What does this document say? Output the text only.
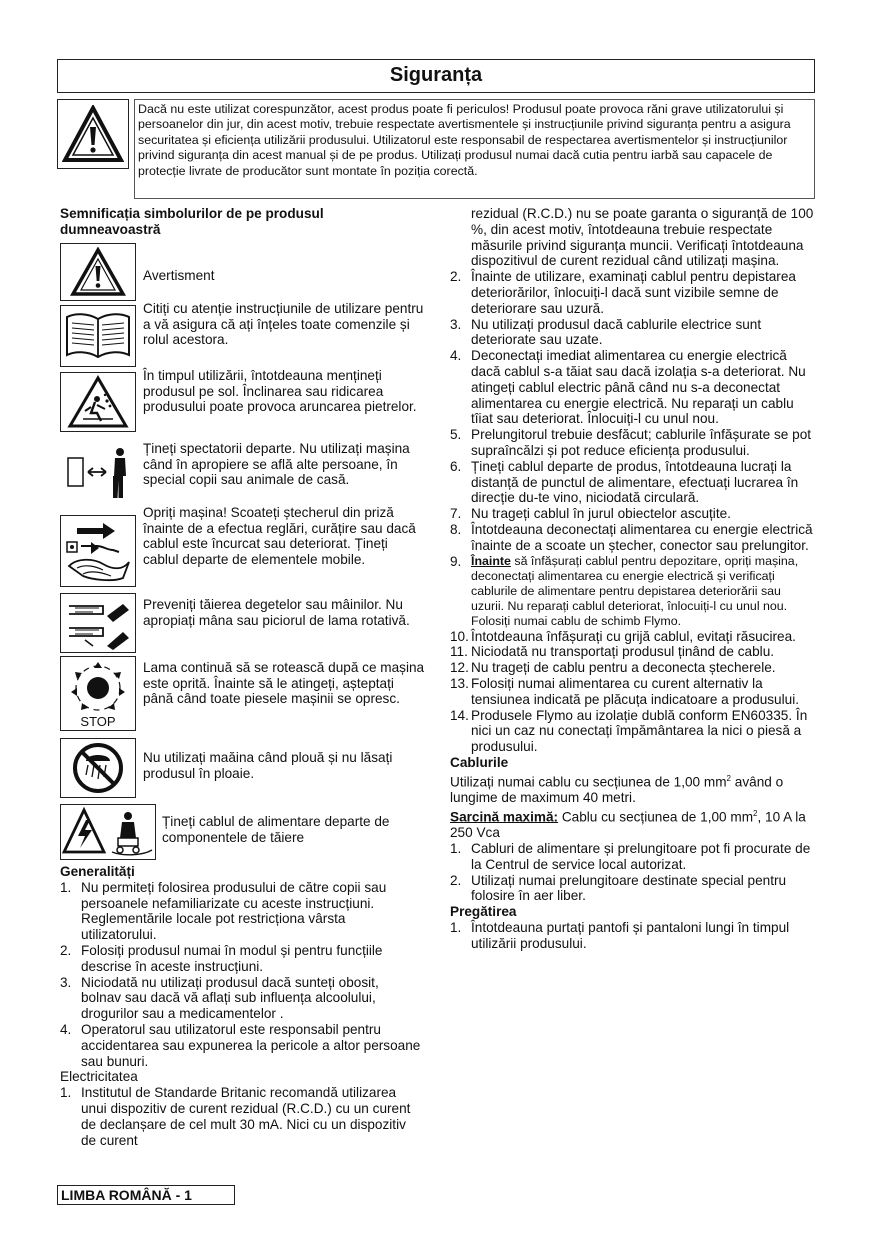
Siguranța
Dacă nu este utilizat corespunzător, acest produs poate fi periculos! Produsul poate provoca răni grave utilizatorului și persoanelor din jur, din acest motiv, trebuie respectate avertismentele și instrucțiunile privind siguranța pentru a asigura securitatea și eficiența utilizării produsului. Utilizatorul este responsabil de respectarea avertismentelor și instrucțiunilor privind siguranța din acest manual și de pe produs. Utilizați produsul numai dacă cutia pentru iarbă sau capacele de protecție livrate de producător sunt montate în poziția corectă.
Semnificația simbolurilor de pe produsul dumneavoastră
Avertisment
Citiți cu atenție instrucțiunile de utilizare pentru a vă asigura că ați înțeles toate comenzile și rolul acestora.
În timpul utilizării, întotdeauna mențineți produsul pe sol. Înclinarea sau ridicarea produsului poate provoca aruncarea pietrelor.
Țineți spectatorii departe. Nu utilizați mașina când în apropiere se află alte persoane, în special copii sau animale de casă.
Opriți mașina! Scoateți ștecherul din priză înainte de a efectua reglări, curățire sau dacă cablul este încurcat sau deteriorat. Țineți cablul departe de elementele mobile.
Preveniți tăierea degetelor sau mâinilor. Nu apropiați mâna sau piciorul de lama rotativă.
STOP
Lama continuă să se rotească după ce mașina este oprită. Înainte să le atingeți, așteptați până când toate piesele mașinii se opresc.
Nu utilizați maăina când plouă și nu lăsați produsul în ploaie.
Țineți cablul de alimentare departe de componentele de tăiere
Generalități
1. Nu permiteți folosirea produsului de către copii sau persoanele nefamiliarizate cu aceste instrucțiuni. Reglementările locale pot restricționa vârsta utilizatorului.
2. Folosiți produsul numai în modul și pentru funcțiile descrise în aceste instrucțiuni.
3. Niciodată nu utilizați produsul dacă sunteți obosit, bolnav sau dacă vă aflați sub influența alcoolului, drogurilor sau a medicamentelor .
4. Operatorul sau utilizatorul este responsabil pentru accidentarea sau expunerea la pericole a altor persoane sau bunuri.
Electricitatea
1. Institutul de Standarde Britanic recomandă utilizarea unui dispozitiv de curent rezidual (R.C.D.) cu un curent de declanșare de cel mult 30 mA. Nici cu un dispozitiv de curent
rezidual (R.C.D.) nu se poate garanta o siguranță de 100 %, din acest motiv, întotdeauna trebuie respectate măsurile privind siguranța muncii. Verificați întotdeauna dispozitivul de curent rezidual când utilizați mașina.
2. Înainte de utilizare, examinați cablul pentru depistarea deteriorărilor, înlocuiți-l dacă sunt vizibile semne de deteriorare sau uzură.
3. Nu utilizați produsul dacă cablurile electrice sunt deteriorate sau uzate.
4. Deconectați imediat alimentarea cu energie electrică dacă cablul s-a tăiat sau dacă izolația s-a deteriorat. Nu atingeți cablul electric până când nu s-a deconectat alimentarea cu energie electrică. Nu reparați un cablu tîiat sau deteriorat. Înlocuiți-l cu unul nou.
5. Prelungitorul trebuie desfăcut; cablurile înfășurate se pot supraîncălzi și pot reduce eficiența produsului.
6. Țineți cablul departe de produs, întotdeauna lucrați la distanță de punctul de alimentare, efectuați lucrarea în direcție du-te vino, niciodată circulară.
7. Nu trageți cablul în jurul obiectelor ascuțite.
8. Întotdeauna deconectați alimentarea cu energie electrică înainte de a scoate un ștecher, conector sau prelungitor.
9. Înainte să înfășurați cablul pentru depozitare, opriți mașina, deconectați alimentarea cu energie electrică și verificați cablurile de alimentare pentru depistarea deteriorării sau uzurii. Nu reparați cablul deteriorat, înlocuiți-l cu unul nou. Folosiți numai cablu de schimb Flymo.
10. Întotdeauna înfășurați cu grijă cablul, evitați răsucirea.
11. Niciodată nu transportați produsul ținând de cablu.
12. Nu trageți de cablu pentru a deconecta ștecherele.
13. Folosiți numai alimentarea cu curent alternativ la tensiunea indicată pe plăcuța indicatoare a produsului.
14. Produsele Flymo au izolație dublă conform EN60335. În nici un caz nu conectați împământarea la nici o piesă a produsului.
Cablurile
Utilizați numai cablu cu secțiunea de 1,00 $mm^2$ având o lungime de maximum 40 metri.
Sarcină maximă: Cablu cu secțiunea de 1,00 $mm^2$, 10 A la 250 Vca
1. Cabluri de alimentare și prelungitoare pot fi procurate de la Centrul de service local autorizat.
2. Utilizați numai prelungitoare destinate special pentru folosire în aer liber.
Pregătirea
1. Întotdeauna purtați pantofi și pantaloni lungi în timpul utilizării produsului.
LIMBA ROMÂNĂ - 1
